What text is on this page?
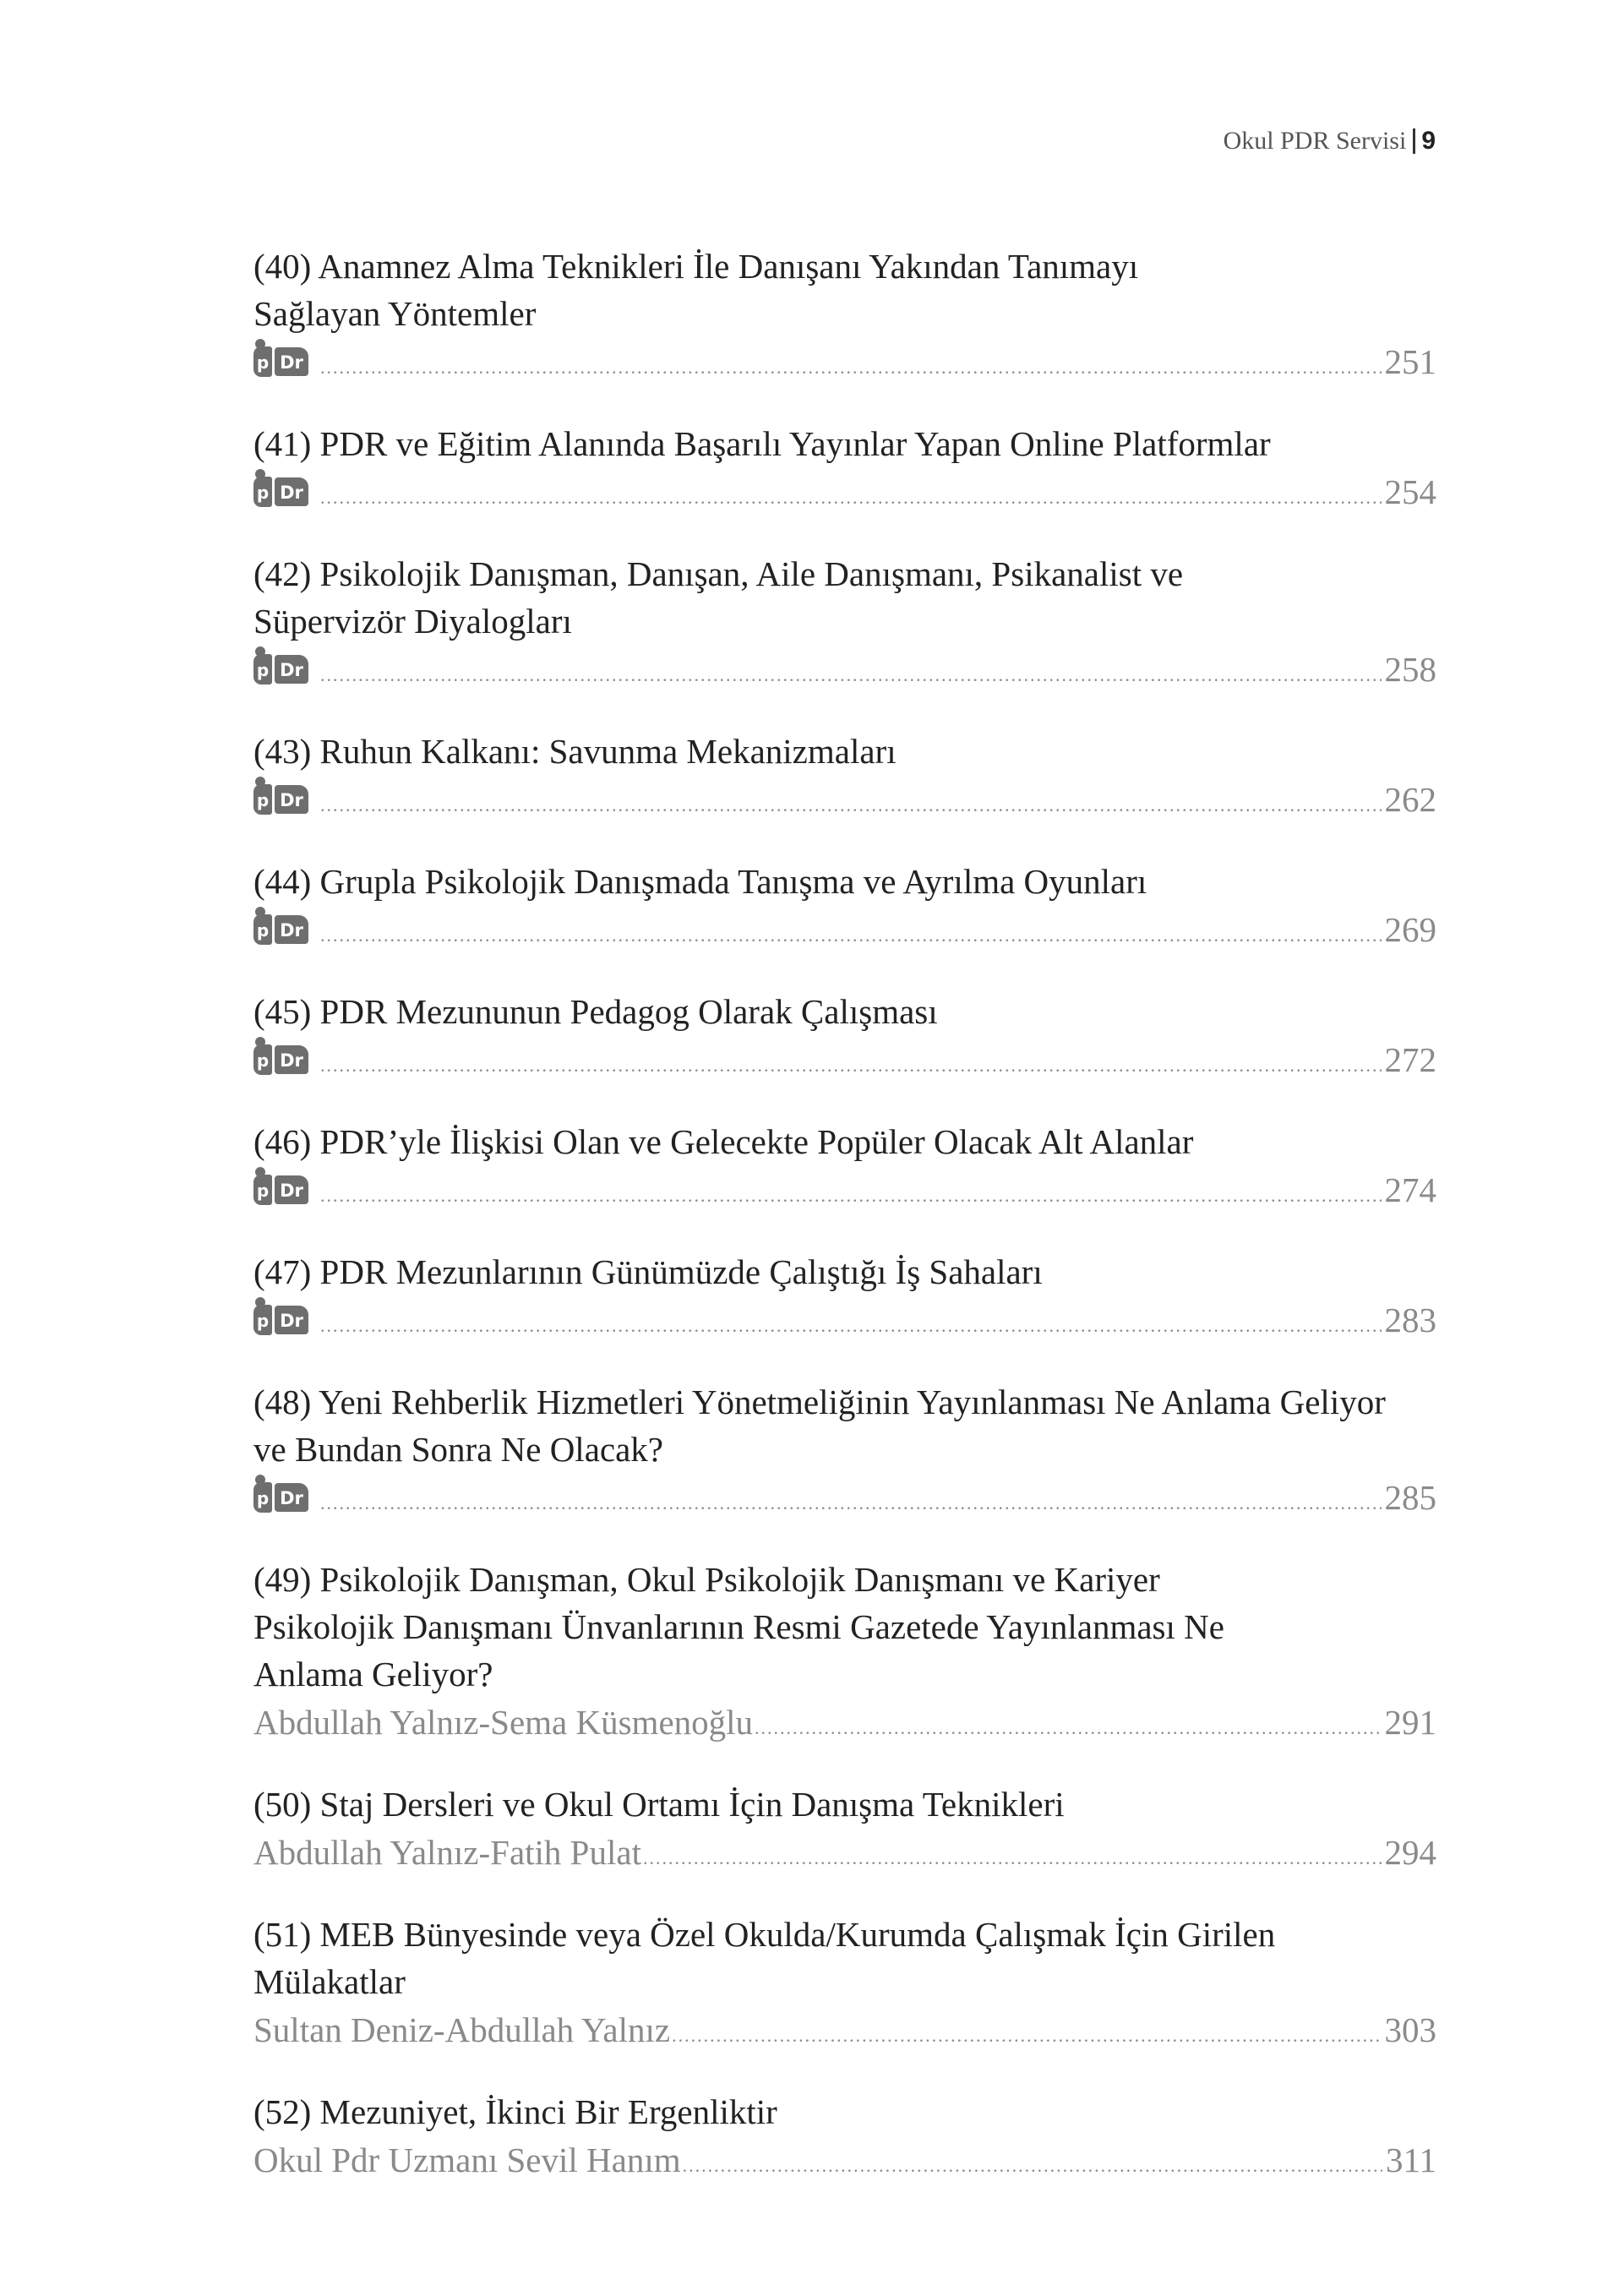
Okul PDR Servisi 9
(40) Anamnez Alma Teknikleri İle Danışanı Yakından Tanımayı Sağlayan Yöntemler
p Dr .....	251
(41) PDR ve Eğitim Alanında Başarılı Yayınlar Yapan Online Platformlar
p Dr .....	254
(42) Psikolojik Danışman, Danışan, Aile Danışmanı, Psikanalist ve Süpervizör Diyalogları
p Dr .....	258
(43) Ruhun Kalkanı: Savunma Mekanizmaları
p Dr .....	262
(44) Grupla Psikolojik Danışmada Tanışma ve Ayrılma Oyunları
p Dr .....	269
(45) PDR Mezununun Pedagog Olarak Çalışması
p Dr .....	272
(46) PDR’yle İlişkisi Olan ve Gelecekte Popüler Olacak Alt Alanlar
p Dr .....	274
(47) PDR Mezunlarının Günümüzde Çalıştığı İş Sahaları
p Dr .....	283
(48) Yeni Rehberlik Hizmetleri Yönetmeliğinin Yayınlanması Ne Anlama Geliyor ve Bundan Sonra Ne Olacak?
p Dr .....	285
(49) Psikolojik Danışman, Okul Psikolojik Danışmanı ve Kariyer Psikolojik Danışmanı Ünvanlarının Resmi Gazetede Yayınlanması Ne Anlama Geliyor?
Abdullah Yalnız-Sema Küsmenoğlu .....	291
(50) Staj Dersleri ve Okul Ortamı İçin Danışma Teknikleri
Abdullah Yalnız-Fatih Pulat .....	294
(51) MEB Bünyesinde veya Özel Okulda/Kurumda Çalışmak İçin Girilen Mülakatlar
Sultan Deniz-Abdullah Yalnız .....	303
(52) Mezuniyet, İkinci Bir Ergenliktir
Okul Pdr Uzmanı Sevil Hanım .....	311
